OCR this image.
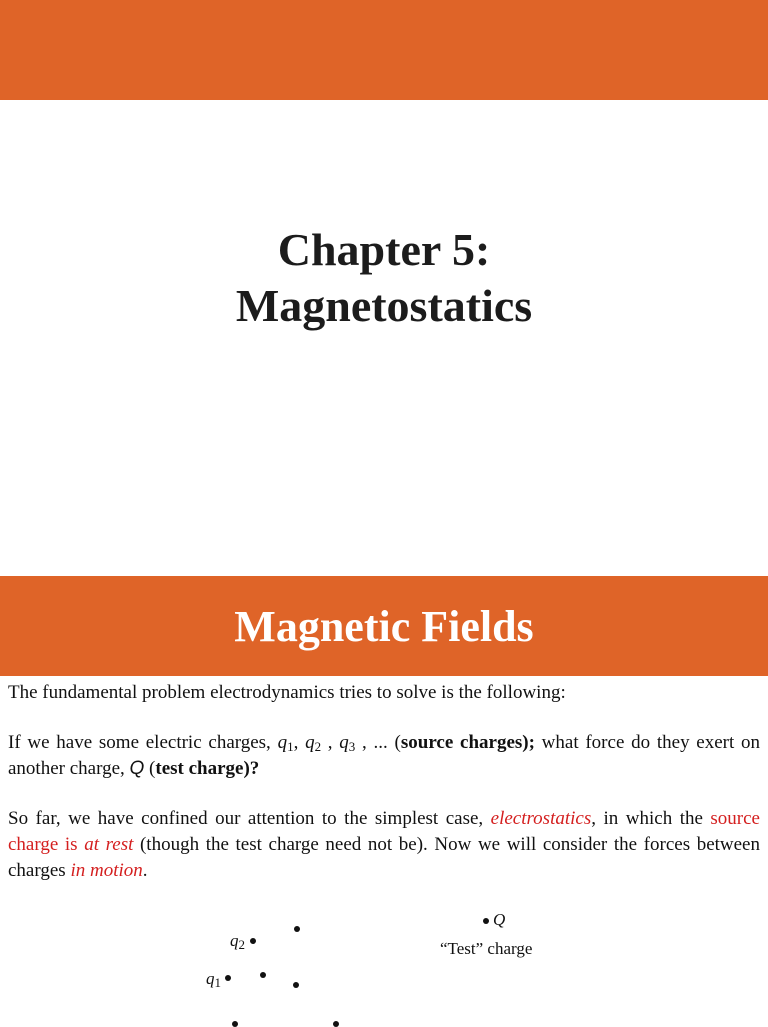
Chapter 5:
Magnetostatics
Magnetic Fields

The fundamental problem electrodynamics tries to solve is the following:

If we have some electric charges, $q_1$, $q_2$ , $q_3$ , ... (source charges); what force do they exert on another charge, Q (test charge)?

So far, we have confined our attention to the simplest case, electrostatics, in which the source charge is at rest (though the test charge need not be). Now we will consider the forces between charges in motion.

$q_2$
$q_1$
Q
“Test” charge
